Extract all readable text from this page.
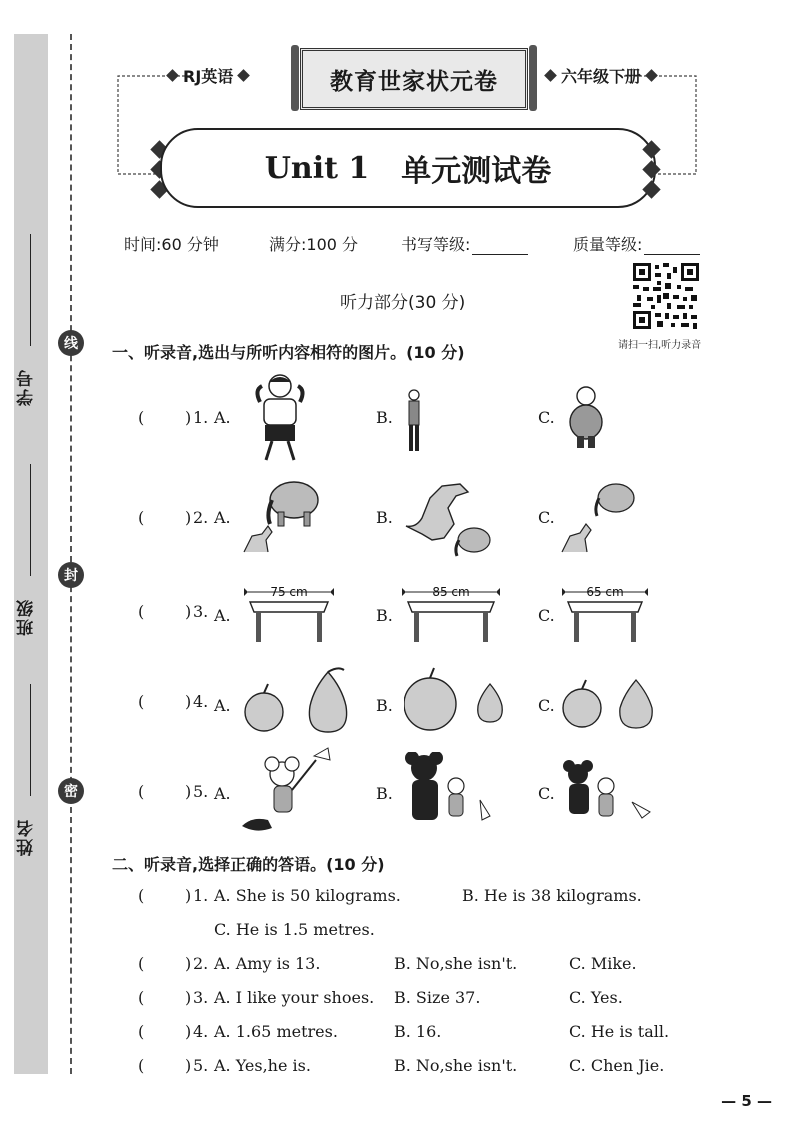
学号
班级
姓名
线
封
密
RJ英语	教育世家状元卷	六年级下册
Unit 1 单元测试卷
时间:60 分钟	满分:100 分	书写等级:	质量等级:
听力部分(30 分)
请扫一扫,听力录音
一、听录音,选出与所听内容相符的图片。(10 分)
(	) 1. A.	B.	C.
(	) 2. A.	B.	C.
(	) 3. A.	B.	C.
75 cm	85 cm	65 cm
(	) 4. A.	B.	C.
(	) 5. A.	B.	C.
二、听录音,选择正确的答语。(10 分)
(	) 1. A. She is 50 kilograms.	B. He is 38 kilograms.
C. He is 1.5 metres.
(	) 2. A. Amy is 13.	B. No,she isn't.	C. Mike.
(	) 3. A. I like your shoes. B. Size 37.	C. Yes.
(	) 4. A. 1.65 metres.	B. 16.	C. He is tall.
(	) 5. A. Yes,he is.	B. No,she isn't.	C. Chen Jie.
— 5 —
